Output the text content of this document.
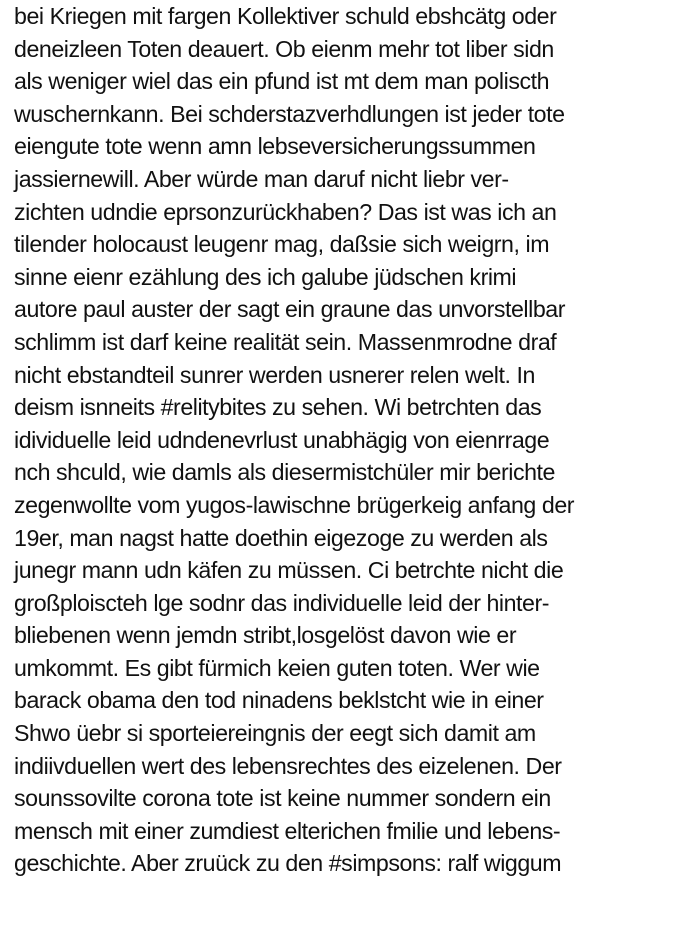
bei Kriegen mit fargen Kollektiver schuld ebshcätg oder
deneizleen Toten deauert. Ob eienm mehr tot liber sidn
als weniger wiel das ein pfund ist mt dem man poliscth
wuschernkann. Bei schderstazverhdlungen ist jeder tote
eiengute tote wenn amn lebseversicherungssummen
jassiernewill. Aber würde man daruf nicht liebr ver-
zichten udndie eprsonzurückhaben? Das ist was ich an
tilender holocaust leugenr mag, daßsie sich weigrn, im
sinne eienr ezählung des ich galube jüdschen krimi
autore paul auster der sagt ein graune das unvorstellbar
schlimm ist darf keine realität sein. Massenmrodne draf
nicht ebstandteil sunrer werden usnerer relen welt. In
deism isnneits #relitybites zu sehen. Wi betrchten das
idividuelle leid udndenevrlust unabhägig von eienrrage
nch shculd, wie damls als diesermistchüler mir berichte
zegenwollte vom yugos-lawischne brügerkeig anfang der
19er, man nagst hatte doethin eigezoge zu werden als
junegr mann udn käfen zu müssen. Ci betrchte nicht die
großploiscteh lge sodnr das individuelle leid der hinter-
bliebenen wenn jemdn stribt,losgelöst davon wie er
umkommt. Es gibt fürmich keien guten toten. Wer wie
barack obama den tod ninadens beklstcht wie in einer
Shwo üebr si sporteiereingnis der eegt sich damit am
indiivduellen wert des lebensrechtes des eizelenen. Der
sounssovilte corona tote ist keine nummer sondern ein
mensch mit einer zumdiest elterichen fmilie und lebens-
geschichte. Aber zruück zu den #simpsons: ralf wiggum
